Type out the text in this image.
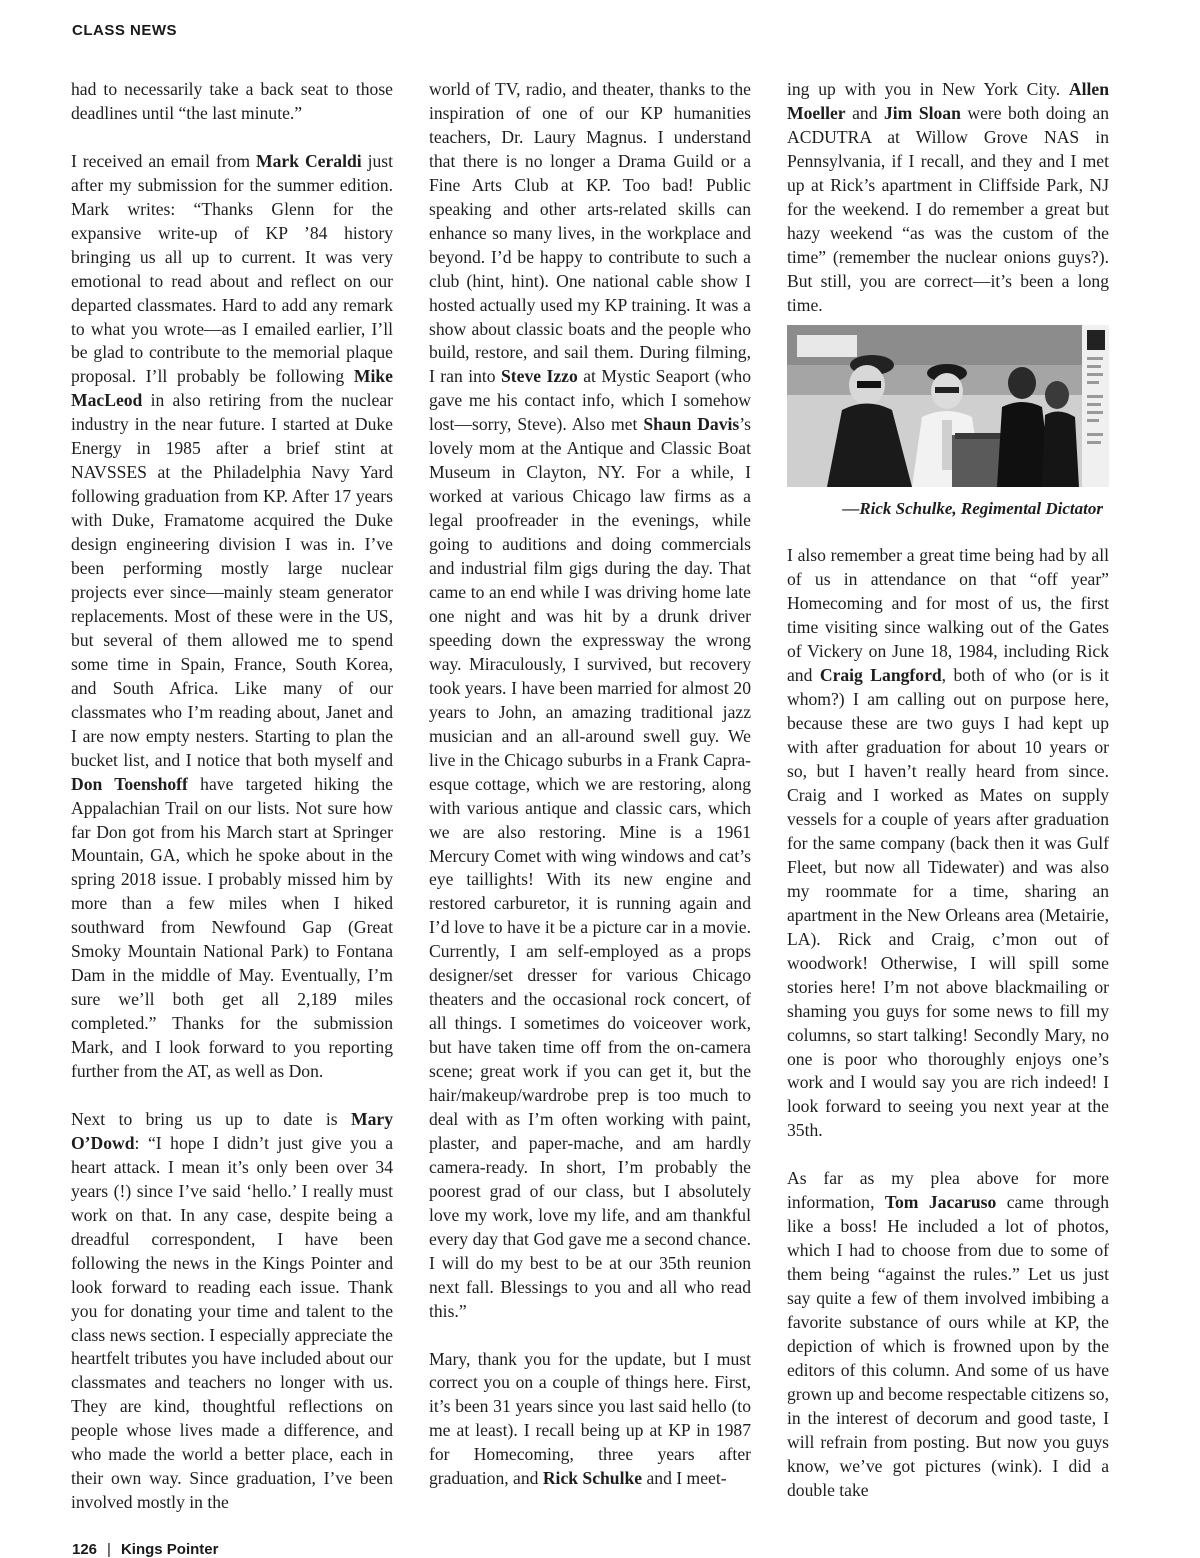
CLASS NEWS

had to necessarily take a back seat to those deadlines until “the last minute.”

I received an email from Mark Ceraldi just after my submission for the summer edition. Mark writes: “Thanks Glenn for the expansive write-up of KP ’84 history bringing us all up to current. It was very emotional to read about and reflect on our departed classmates. Hard to add any remark to what you wrote—as I emailed earlier, I’ll be glad to contribute to the memorial plaque proposal. I’ll probably be following Mike MacLeod in also retiring from the nuclear industry in the near future. I started at Duke Energy in 1985 after a brief stint at NAVSSES at the Philadelphia Navy Yard following graduation from KP. After 17 years with Duke, Framatome acquired the Duke design engineering division I was in. I’ve been performing mostly large nuclear projects ever since—mainly steam generator replacements. Most of these were in the US, but several of them allowed me to spend some time in Spain, France, South Korea, and South Africa. Like many of our classmates who I’m reading about, Janet and I are now empty nesters. Starting to plan the bucket list, and I notice that both myself and Don Toenshoff have targeted hiking the Appalachian Trail on our lists. Not sure how far Don got from his March start at Springer Mountain, GA, which he spoke about in the spring 2018 issue. I probably missed him by more than a few miles when I hiked southward from Newfound Gap (Great Smoky Mountain National Park) to Fontana Dam in the middle of May. Eventually, I’m sure we’ll both get all 2,189 miles completed.” Thanks for the submission Mark, and I look forward to you reporting further from the AT, as well as Don.

Next to bring us up to date is Mary O’Dowd: “I hope I didn’t just give you a heart attack. I mean it’s only been over 34 years (!) since I’ve said ‘hello.’ I really must work on that. In any case, despite being a dreadful correspondent, I have been following the news in the Kings Pointer and look forward to reading each issue. Thank you for donating your time and talent to the class news section. I especially appreciate the heartfelt tributes you have included about our classmates and teachers no longer with us. They are kind, thoughtful reflections on people whose lives made a difference, and who made the world a better place, each in their own way. Since graduation, I’ve been involved mostly in the

world of TV, radio, and theater, thanks to the inspiration of one of our KP humanities teachers, Dr. Laury Magnus. I understand that there is no longer a Drama Guild or a Fine Arts Club at KP. Too bad! Public speaking and other arts-related skills can enhance so many lives, in the workplace and beyond. I’d be happy to contribute to such a club (hint, hint). One national cable show I hosted actually used my KP training. It was a show about classic boats and the people who build, restore, and sail them. During filming, I ran into Steve Izzo at Mystic Seaport (who gave me his contact info, which I somehow lost—sorry, Steve). Also met Shaun Davis’s lovely mom at the Antique and Classic Boat Museum in Clayton, NY. For a while, I worked at various Chicago law firms as a legal proofreader in the evenings, while going to auditions and doing commercials and industrial film gigs during the day. That came to an end while I was driving home late one night and was hit by a drunk driver speeding down the expressway the wrong way. Miraculously, I survived, but recovery took years. I have been married for almost 20 years to John, an amazing traditional jazz musician and an all-around swell guy. We live in the Chicago suburbs in a Frank Capra-esque cottage, which we are restoring, along with various antique and classic cars, which we are also restoring. Mine is a 1961 Mercury Comet with wing windows and cat’s eye taillights! With its new engine and restored carburetor, it is running again and I’d love to have it be a picture car in a movie. Currently, I am self-employed as a props designer/set dresser for various Chicago theaters and the occasional rock concert, of all things. I sometimes do voiceover work, but have taken time off from the on-camera scene; great work if you can get it, but the hair/makeup/wardrobe prep is too much to deal with as I’m often working with paint, plaster, and paper-mache, and am hardly camera-ready. In short, I’m probably the poorest grad of our class, but I absolutely love my work, love my life, and am thankful every day that God gave me a second chance. I will do my best to be at our 35th reunion next fall. Blessings to you and all who read this.”

Mary, thank you for the update, but I must correct you on a couple of things here. First, it’s been 31 years since you last said hello (to me at least). I recall being up at KP in 1987 for Homecoming, three years after graduation, and Rick Schulke and I meet-

ing up with you in New York City. Allen Moeller and Jim Sloan were both doing an ACDUTRA at Willow Grove NAS in Pennsylvania, if I recall, and they and I met up at Rick’s apartment in Cliffside Park, NJ for the weekend. I do remember a great but hazy weekend “as was the custom of the time” (remember the nuclear onions guys?). But still, you are correct—it’s been a long time.

—Rick Schulke, Regimental Dictator

I also remember a great time being had by all of us in attendance on that “off year” Homecoming and for most of us, the first time visiting since walking out of the Gates of Vickery on June 18, 1984, including Rick and Craig Langford, both of who (or is it whom?) I am calling out on purpose here, because these are two guys I had kept up with after graduation for about 10 years or so, but I haven’t really heard from since. Craig and I worked as Mates on supply vessels for a couple of years after graduation for the same company (back then it was Gulf Fleet, but now all Tidewater) and was also my roommate for a time, sharing an apartment in the New Orleans area (Metairie, LA). Rick and Craig, c’mon out of woodwork! Otherwise, I will spill some stories here! I’m not above blackmailing or shaming you guys for some news to fill my columns, so start talking! Secondly Mary, no one is poor who thoroughly enjoys one’s work and I would say you are rich indeed! I look forward to seeing you next year at the 35th.

As far as my plea above for more information, Tom Jacaruso came through like a boss! He included a lot of photos, which I had to choose from due to some of them being “against the rules.” Let us just say quite a few of them involved imbibing a favorite substance of ours while at KP, the depiction of which is frowned upon by the editors of this column. And some of us have grown up and become respectable citizens so, in the interest of decorum and good taste, I will refrain from posting. But now you guys know, we’ve got pictures (wink). I did a double take

126 | Kings Pointer
